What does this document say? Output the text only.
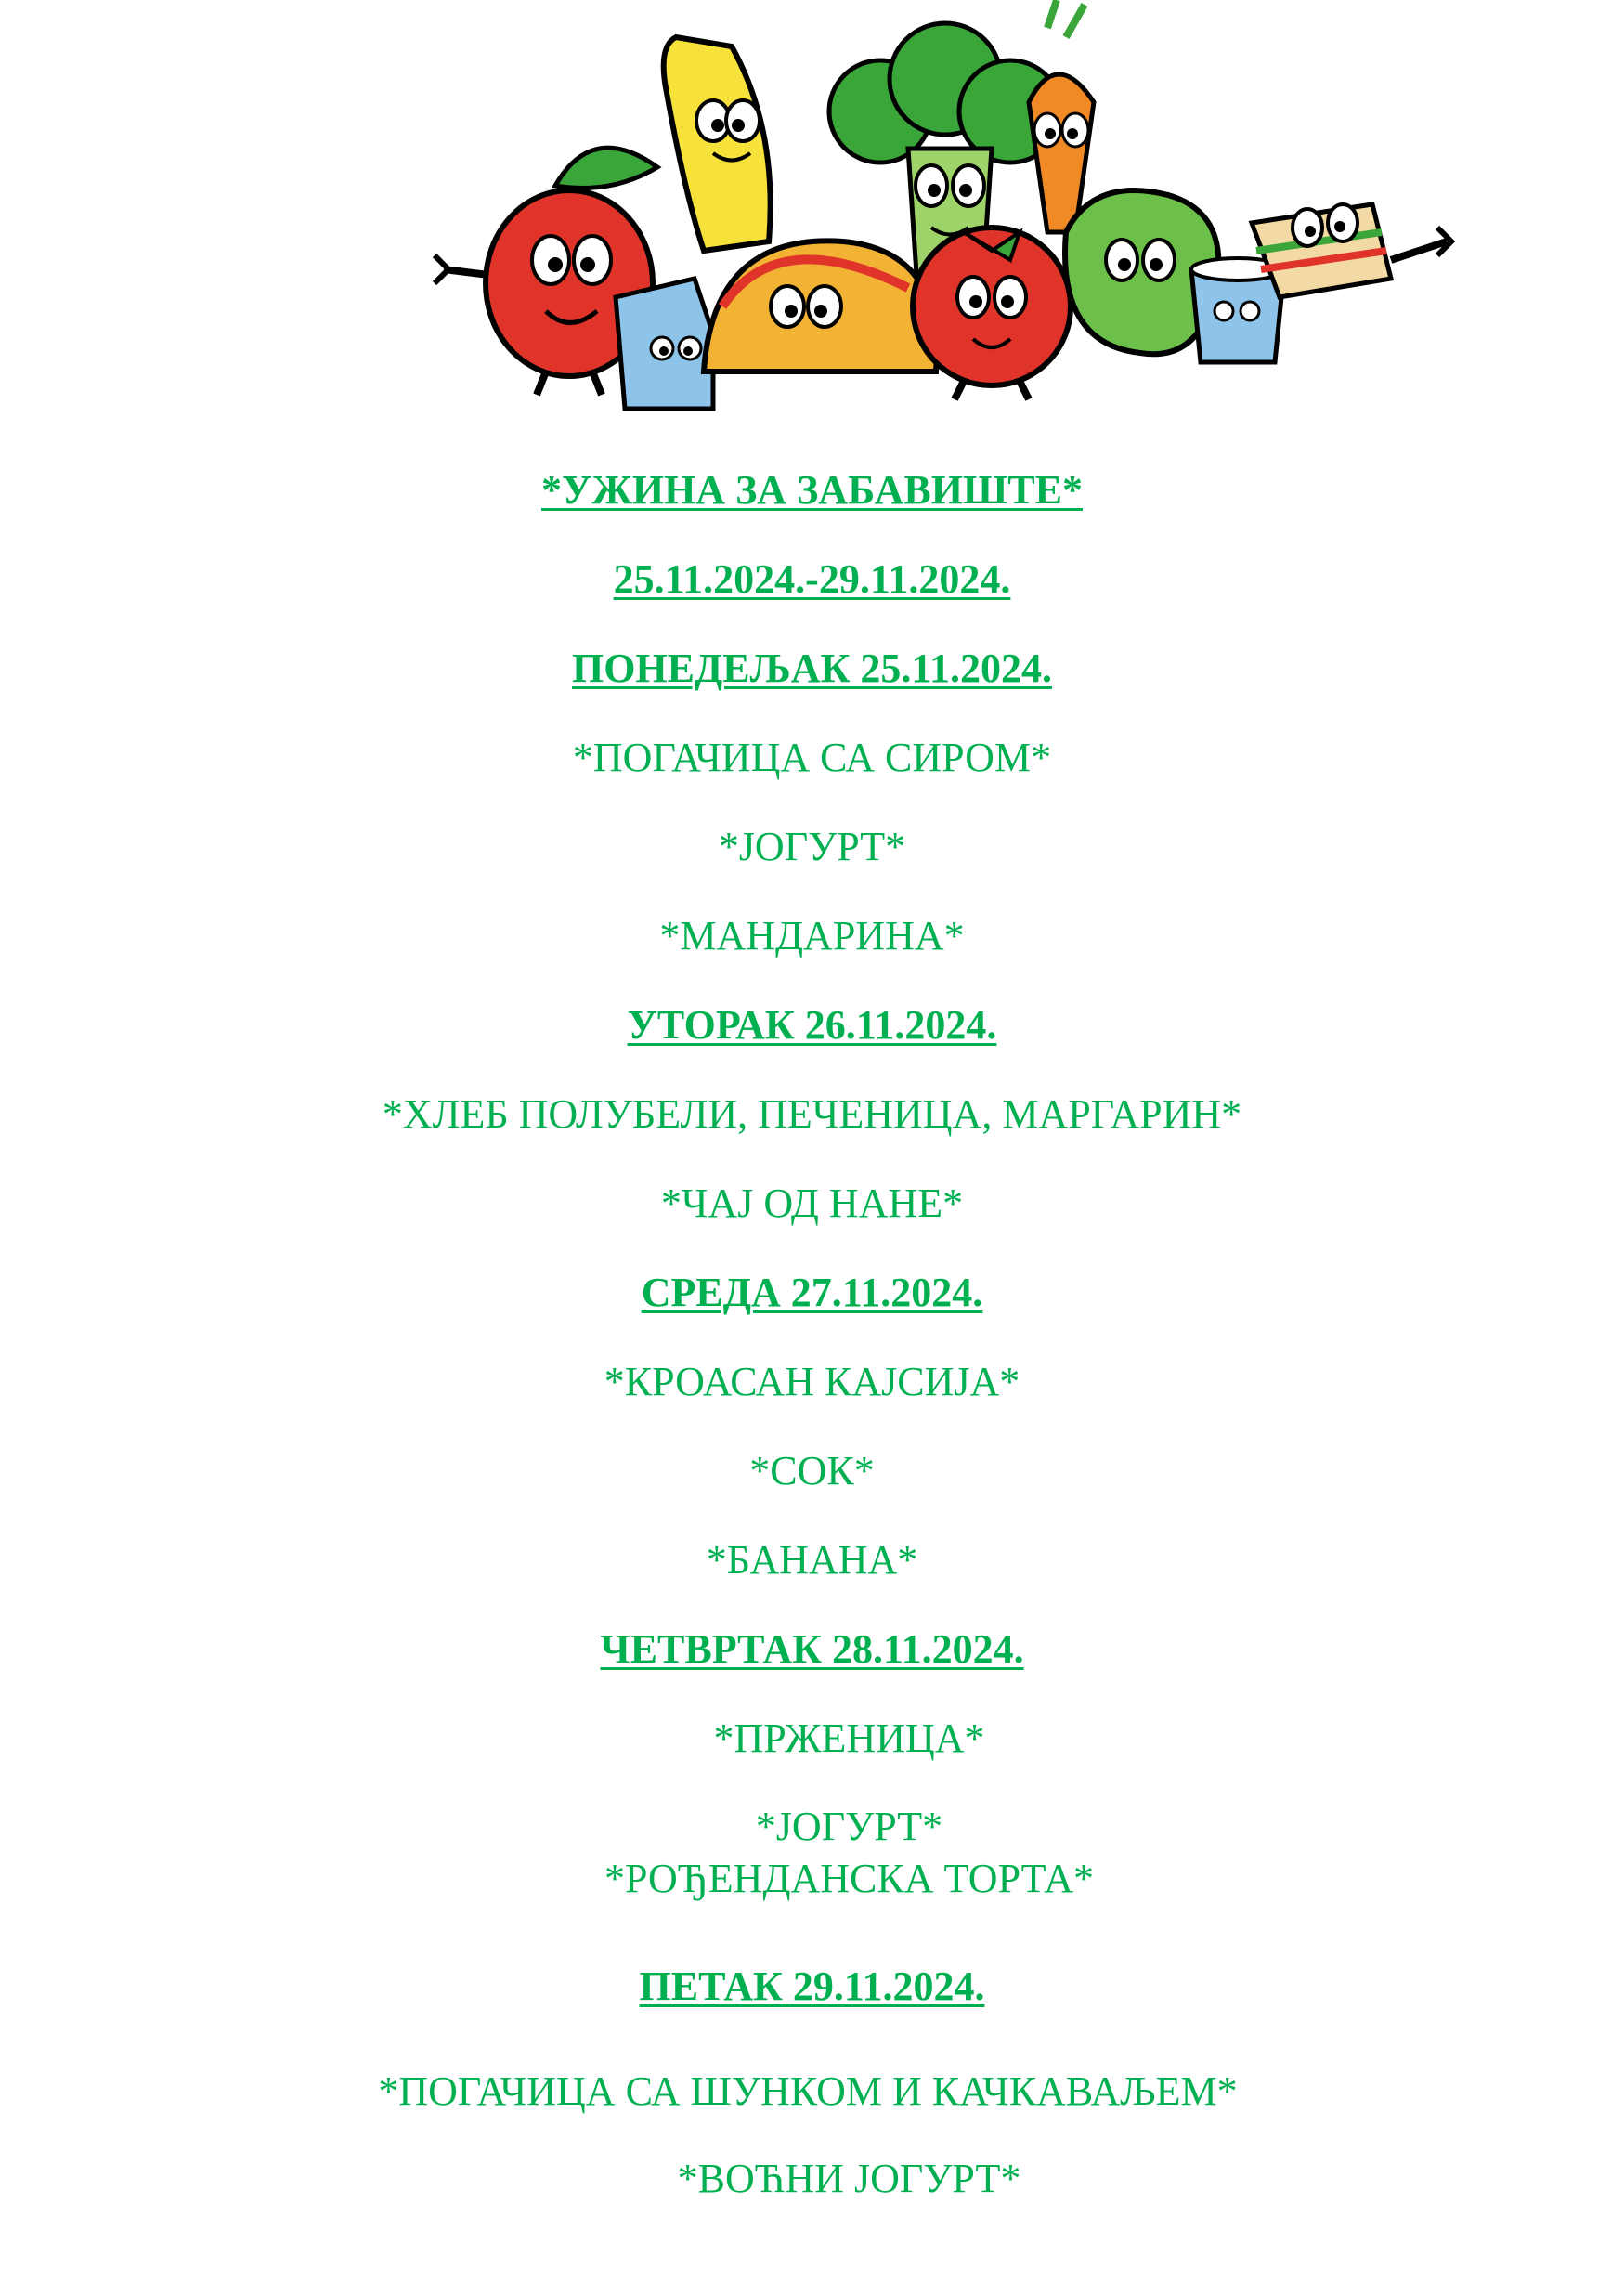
*УЖИНА ЗА ЗАБАВИШТЕ*
25.11.2024.-29.11.2024.
ПОНЕДЕЉАК 25.11.2024.
*ПОГАЧИЦА СА СИРОМ*
*ЈОГУРТ*
*МАНДАРИНА*
УТОРАК 26.11.2024.
*ХЛЕБ ПОЛУБЕЛИ, ПЕЧЕНИЦА, МАРГАРИН*
*ЧАЈ ОД НАНЕ*
СРЕДА 27.11.2024.
*КРОАСАН КАЈСИЈА*
*СОК*
*БАНАНА*
ЧЕТВРТАК 28.11.2024.
*ПРЖЕНИЦА*
*ЈОГУРТ*
*РОЂЕНДАНСКА ТОРТА*
ПЕТАК 29.11.2024.
*ПОГАЧИЦА СА ШУНКОМ И КАЧКАВАЉЕМ*
*ВОЋНИ ЈОГУРТ*
